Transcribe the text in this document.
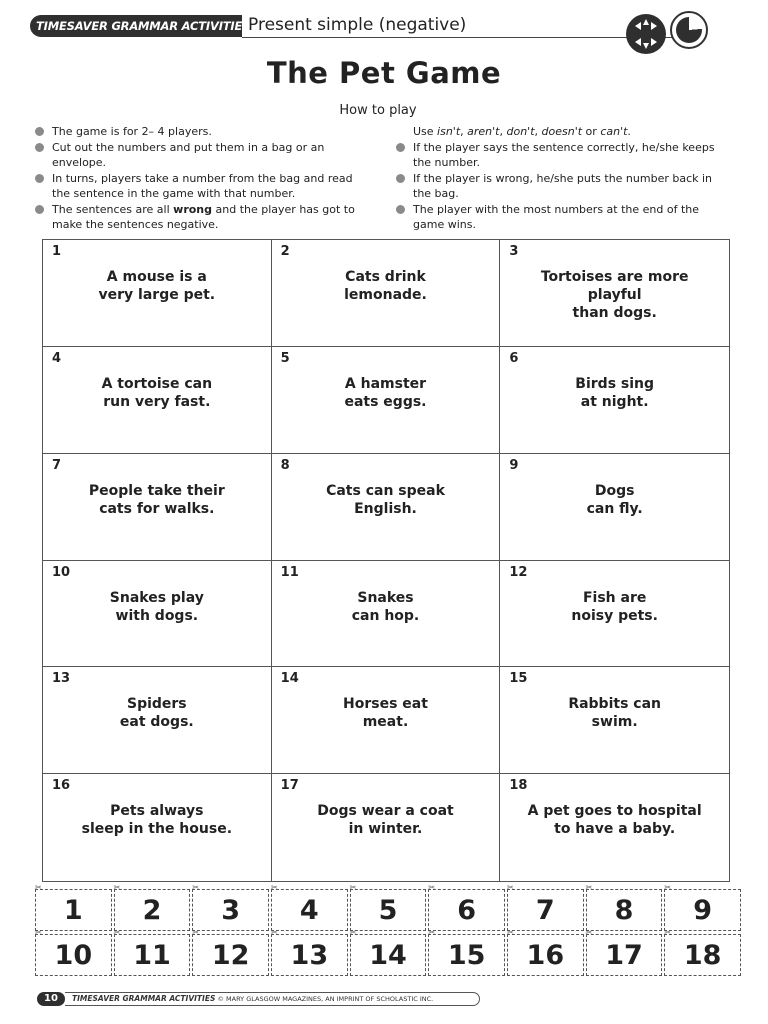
TIMESAVER GRAMMAR ACTIVITIES
Present simple (negative)
The Pet Game
How to play
The game is for 2– 4 players.
Cut out the numbers and put them in a bag or an envelope.
In turns, players take a number from the bag and read the sentence in the game with that number.
The sentences are all wrong and the player has got to make the sentences negative.
Use isn't, aren't, don't, doesn't or can't.
If the player says the sentence correctly, he/she keeps the number.
If the player is wrong, he/she puts the number back in the bag.
The player with the most numbers at the end of the game wins.
1
A mouse is a
very large pet.
2
Cats drink
lemonade.
3
Tortoises are more
playful
than dogs.
4
A tortoise can
run very fast.
5
A hamster
eats eggs.
6
Birds sing
at night.
7
People take their
cats for walks.
8
Cats can speak
English.
9
Dogs
can fly.
10
Snakes play
with dogs.
11
Snakes
can hop.
12
Fish are
noisy pets.
13
Spiders
eat dogs.
14
Horses eat
meat.
15
Rabbits can
swim.
16
Pets always
sleep in the house.
17
Dogs wear a coat
in winter.
18
A pet goes to hospital
to have a baby.
✂
1
✂
2
✂
3
✂
4
✂
5
✂
6
✂
7
✂
8
✂
9
✂
10
✂
11
✂
12
✂
13
✂
14
✂
15
✂
16
✂
17
✂
18
10	TIMESAVER GRAMMAR ACTIVITIES © MARY GLASGOW MAGAZINES, AN IMPRINT OF SCHOLASTIC INC.
